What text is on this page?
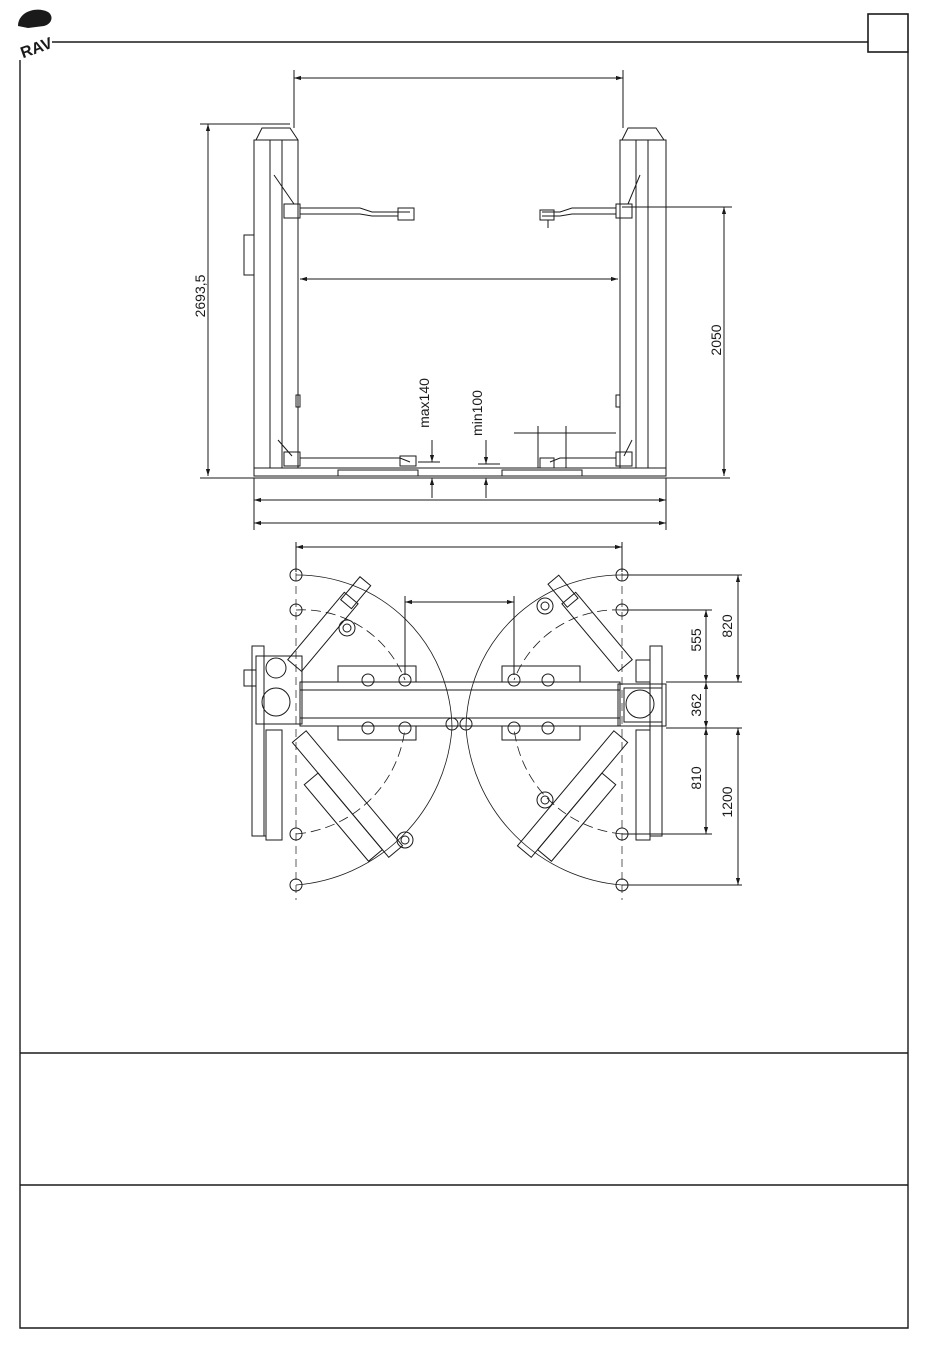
RAV
2693,5
2050
max140	min100
820
555
362
810
1200
